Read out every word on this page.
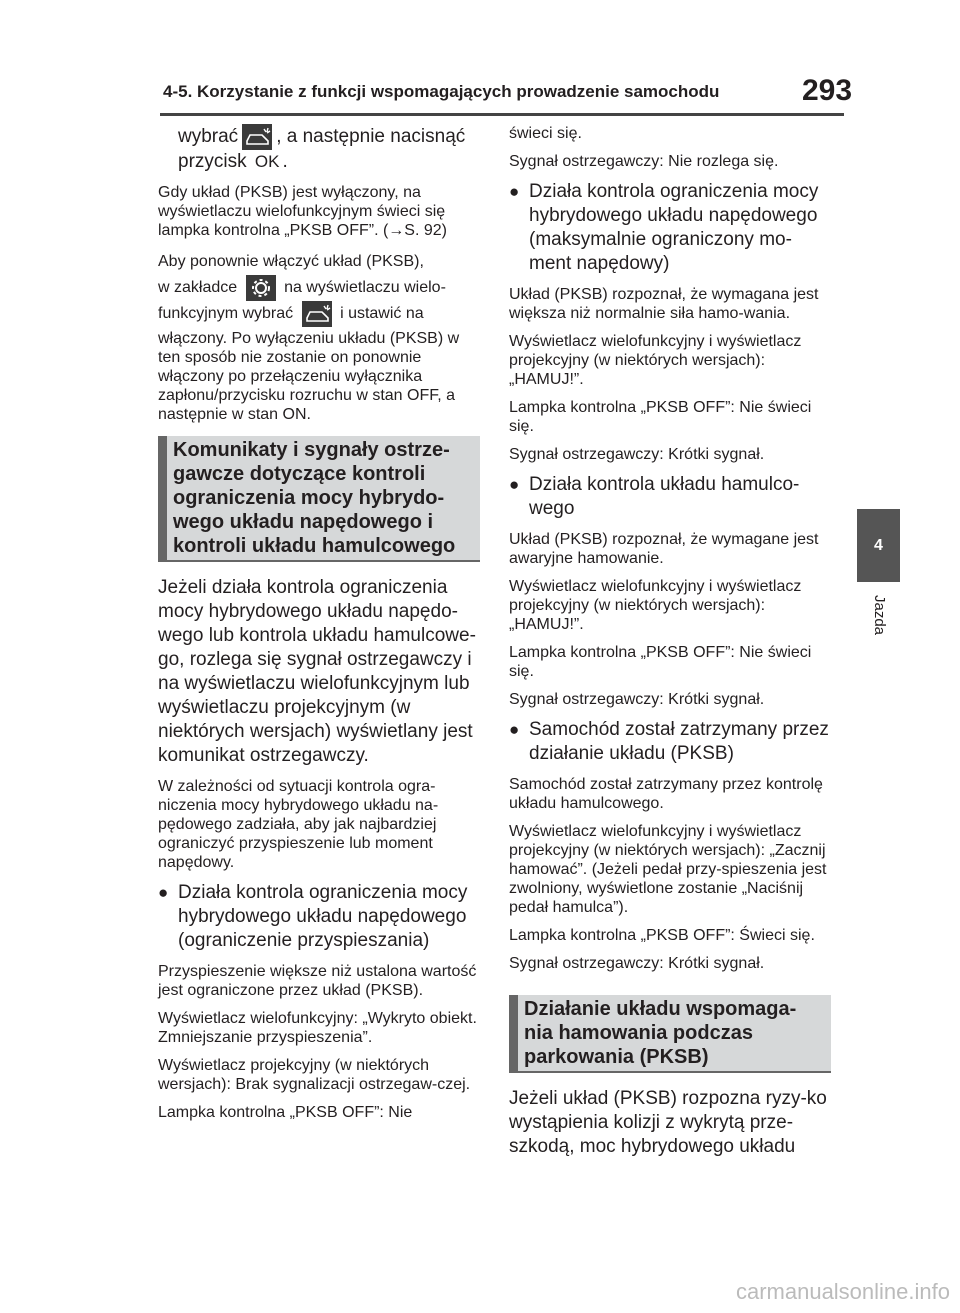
4-5. Korzystanie z funkcji wspomagających prowadzenie samochodu	293

wybrać , a następnie nacisnąć
przycisk OK .

Gdy układ (PKSB) jest wyłączony, na wyświetlaczu wielofunkcyjnym świeci się lampka kontrolna „PKSB OFF”. (→S. 92)

Aby ponownie włączyć układ (PKSB),
w zakładce	na wyświetlaczu wielo-
funkcyjnym wybrać	i ustawić na

włączony. Po wyłączeniu układu (PKSB) w ten sposób nie zostanie on ponownie włączony po przełączeniu wyłącznika zapłonu/przycisku rozruchu w stan OFF, a następnie w stan ON.

Komunikaty i sygnały ostrze-gawcze dotyczące kontroli ograniczenia mocy hybrydo-wego układu napędowego i kontroli układu hamulcowego

Jeżeli działa kontrola ograniczenia mocy hybrydowego układu napędo-wego lub kontrola układu hamulcowe-go, rozlega się sygnał ostrzegawczy i na wyświetlaczu wielofunkcyjnym lub wyświetlaczu projekcyjnym (w niektórych wersjach) wyświetlany jest komunikat ostrzegawczy.

W zależności od sytuacji kontrola ogra-niczenia mocy hybrydowego układu na-pędowego zadziała, aby jak najbardziej ograniczyć przyspieszenie lub moment napędowy.

● Działa kontrola ograniczenia mocy hybrydowego układu napędowego (ograniczenie przyspieszania)

Przyspieszenie większe niż ustalona wartość jest ograniczone przez układ (PKSB).

Wyświetlacz wielofunkcyjny: „Wykryto obiekt. Zmniejszanie przyspieszenia”.

Wyświetlacz projekcyjny (w niektórych wersjach): Brak sygnalizacji ostrzegaw-czej.

Lampka kontrolna „PKSB OFF”: Nie

świeci się.

Sygnał ostrzegawczy: Nie rozlega się.

● Działa kontrola ograniczenia mocy hybrydowego układu napędowego (maksymalnie ograniczony mo-ment napędowy)

Układ (PKSB) rozpoznał, że wymagana jest większa niż normalnie siła hamo-wania.

Wyświetlacz wielofunkcyjny i wyświetlacz projekcyjny (w niektórych wersjach): „HAMUJ!”.

Lampka kontrolna „PKSB OFF”: Nie świeci się.

Sygnał ostrzegawczy: Krótki sygnał.

● Działa kontrola układu hamulco-wego

Układ (PKSB) rozpoznał, że wymagane jest awaryjne hamowanie.

Wyświetlacz wielofunkcyjny i wyświetlacz projekcyjny (w niektórych wersjach): „HAMUJ!”.

Lampka kontrolna „PKSB OFF”: Nie świeci się.

Sygnał ostrzegawczy: Krótki sygnał.

● Samochód został zatrzymany przez działanie układu (PKSB)

Samochód został zatrzymany przez kontrolę układu hamulcowego.

Wyświetlacz wielofunkcyjny i wyświetlacz projekcyjny (w niektórych wersjach): „Zacznij hamować”. (Jeżeli pedał przy-spieszenia jest zwolniony, wyświetlone zostanie „Naciśnij pedał hamulca”).

Lampka kontrolna „PKSB OFF”: Świeci się.

Sygnał ostrzegawczy: Krótki sygnał.

Działanie układu wspomaga-nia hamowania podczas parkowania (PKSB)

Jeżeli układ (PKSB) rozpozna ryzy-ko wystąpienia kolizji z wykrytą prze-szkodą, moc hybrydowego układu

4
Jazda
carmanualsonline.info
